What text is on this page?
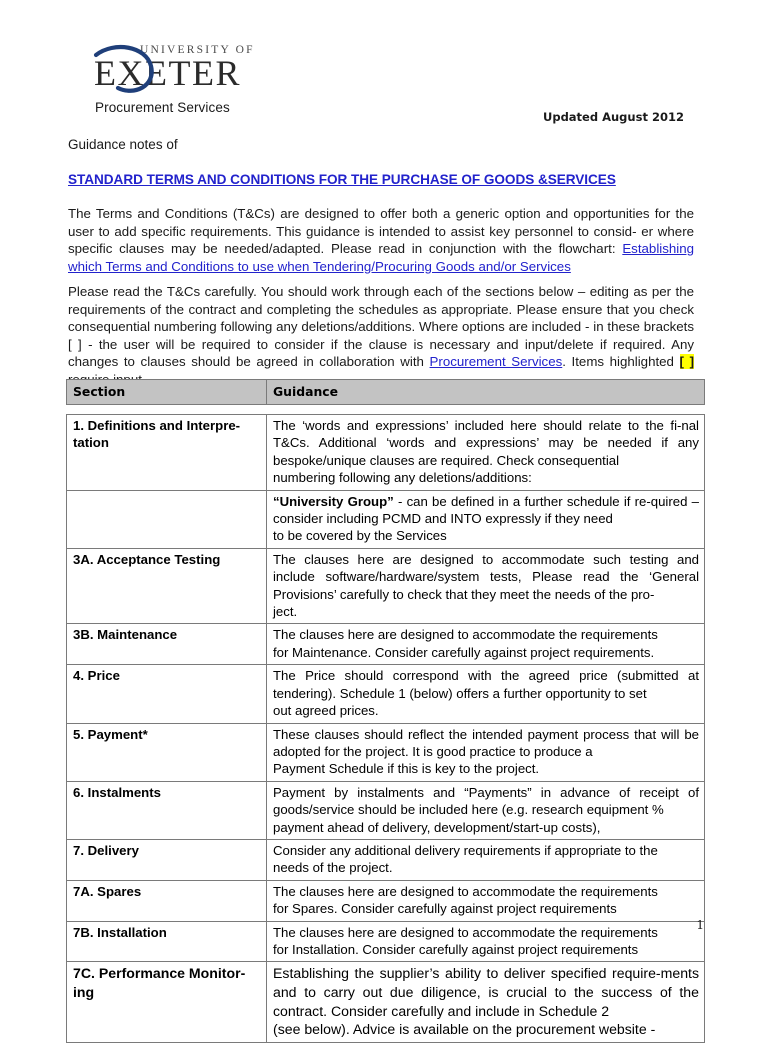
UNIVERSITY OF
EXETER
Procurement Services
Updated August 2012
Guidance notes of
STANDARD TERMS AND CONDITIONS FOR THE PURCHASE OF GOODS &SERVICES
The Terms and Conditions (T&Cs) are designed to offer both a generic option and opportunities for the user to add specific requirements. This guidance is intended to assist key personnel to consid- er where specific clauses may be needed/adapted. Please read in conjunction with the flowchart: Establishing which Terms and Conditions to use when Tendering/Procuring Goods and/or Services
Please read the T&Cs carefully. You should work through each of the sections below – editing as per the requirements of the contract and completing the schedules as appropriate. Please ensure that you check consequential numbering following any deletions/additions. Where options are included - in these brackets [ ] - the user will be required to consider if the clause is necessary and input/delete if required. Any changes to clauses should be agreed in collaboration with Procurement Services. Items highlighted [ ]
Section	Guidance
1. Definitions and Interpre-
tation	The ‘words and expressions’ included here should relate to the fi-nal T&Cs. Additional ‘words and expressions’ may be needed if any bespoke/unique clauses are required. Check consequential
numbering following any deletions/additions:

	“University Group” - can be defined in a further schedule if re-quired – consider including PCMD and INTO expressly if they need
to be covered by the Services

3A. Acceptance Testing	The clauses here are designed to accommodate such testing and include software/hardware/system tests, Please read the ‘General Provisions’ carefully to check that they meet the needs of the pro-
ject.

3B. Maintenance	The clauses here are designed to accommodate the requirements
for Maintenance. Consider carefully against project requirements.

4. Price	The Price should correspond with the agreed price (submitted at tendering). Schedule 1 (below) offers a further opportunity to set
out agreed prices.

5. Payment*	These clauses should reflect the intended payment process that will be adopted for the project. It is good practice to produce a
Payment Schedule if this is key to the project.

6. Instalments	Payment by instalments and “Payments” in advance of receipt of goods/service should be included here (e.g. research equipment %
payment ahead of delivery, development/start-up costs),

7. Delivery	Consider any additional delivery requirements if appropriate to the
needs of the project.

7A. Spares	The clauses here are designed to accommodate the requirements
for Spares. Consider carefully against project requirements

7B. Installation	The clauses here are designed to accommodate the requirements
for Installation. Consider carefully against project requirements

7C. Performance Monitor-
ing	Establishing the supplier’s ability to deliver specified require-ments and to carry out due diligence, is crucial to the success of the contract. Consider carefully and include in Schedule 2
(see below). Advice is available on the procurement website -
1
